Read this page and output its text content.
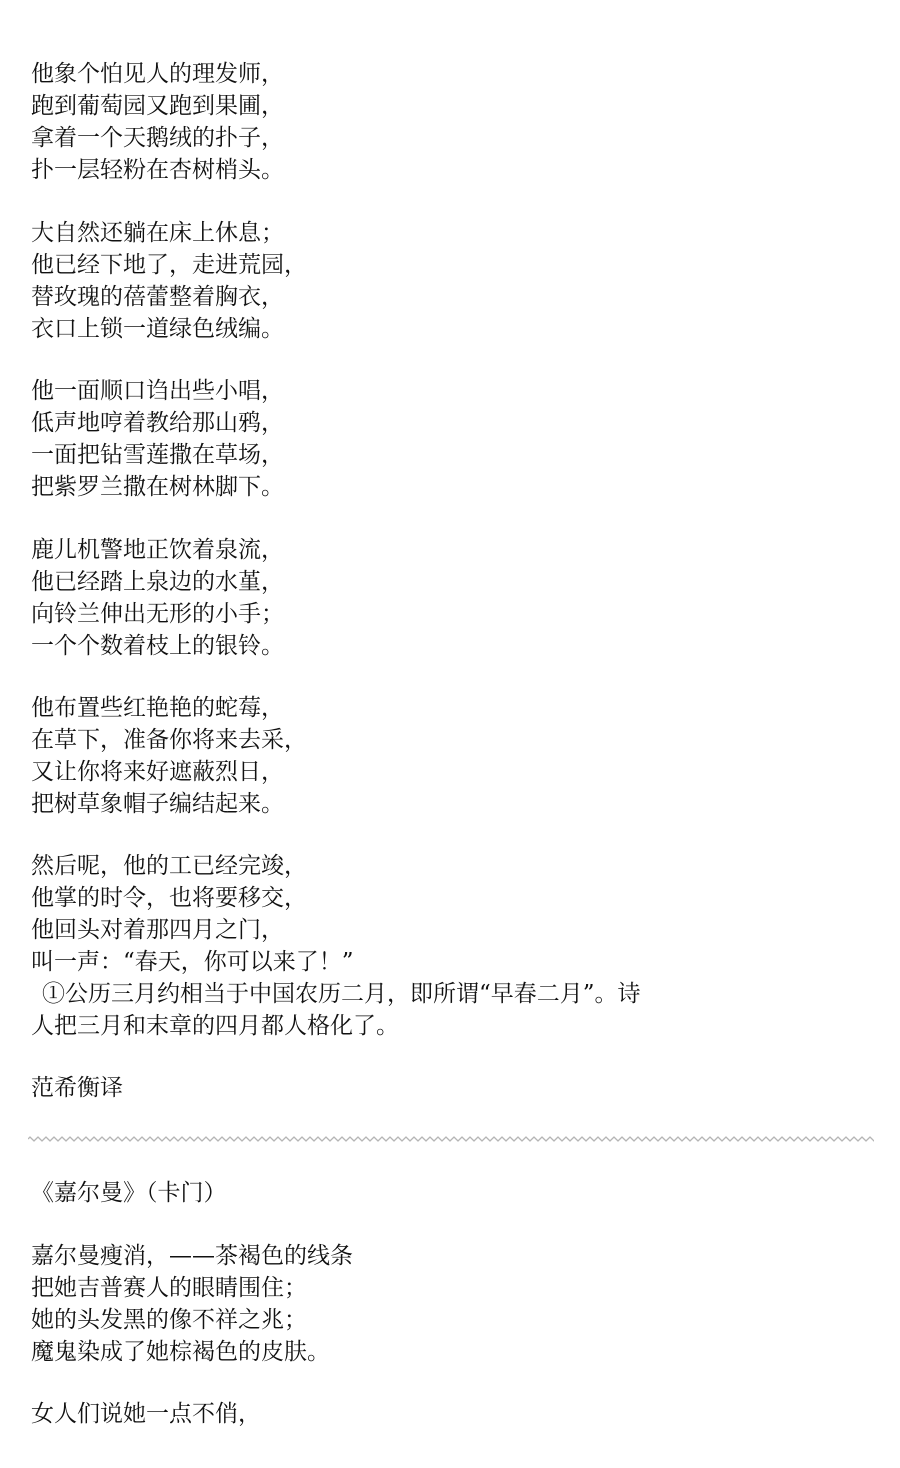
他象个怕见人的理发师，
跑到葡萄园又跑到果圃，
拿着一个天鹅绒的扑子，
扑一层轻粉在杏树梢头。
大自然还躺在床上休息；
他已经下地了，走进荒园，
替玫瑰的蓓蕾整着胸衣，
衣口上锁一道绿色绒编。
他一面顺口诌出些小唱，
低声地哼着教给那山鸦，
一面把钻雪莲撒在草场，
把紫罗兰撒在树林脚下。
鹿儿机警地正饮着泉流，
他已经踏上泉边的水堇，
向铃兰伸出无形的小手；
一个个数着枝上的银铃。
他布置些红艳艳的蛇莓，
在草下，准备你将来去采，
又让你将来好遮蔽烈日，
把树草象帽子编结起来。
然后呢，他的工已经完竣，
他掌的时令，也将要移交，
他回头对着那四月之门，
叫一声：“春天，你可以来了！”
①公历三月约相当于中国农历二月，即所谓“早春二月”。诗
人把三月和末章的四月都人格化了。
范希衡译
《嘉尔曼》（卡门）
嘉尔曼瘦消，——茶褐色的线条
把她吉普赛人的眼睛围住；
她的头发黑的像不祥之兆；
魔鬼染成了她棕褐色的皮肤。
女人们说她一点不俏，
